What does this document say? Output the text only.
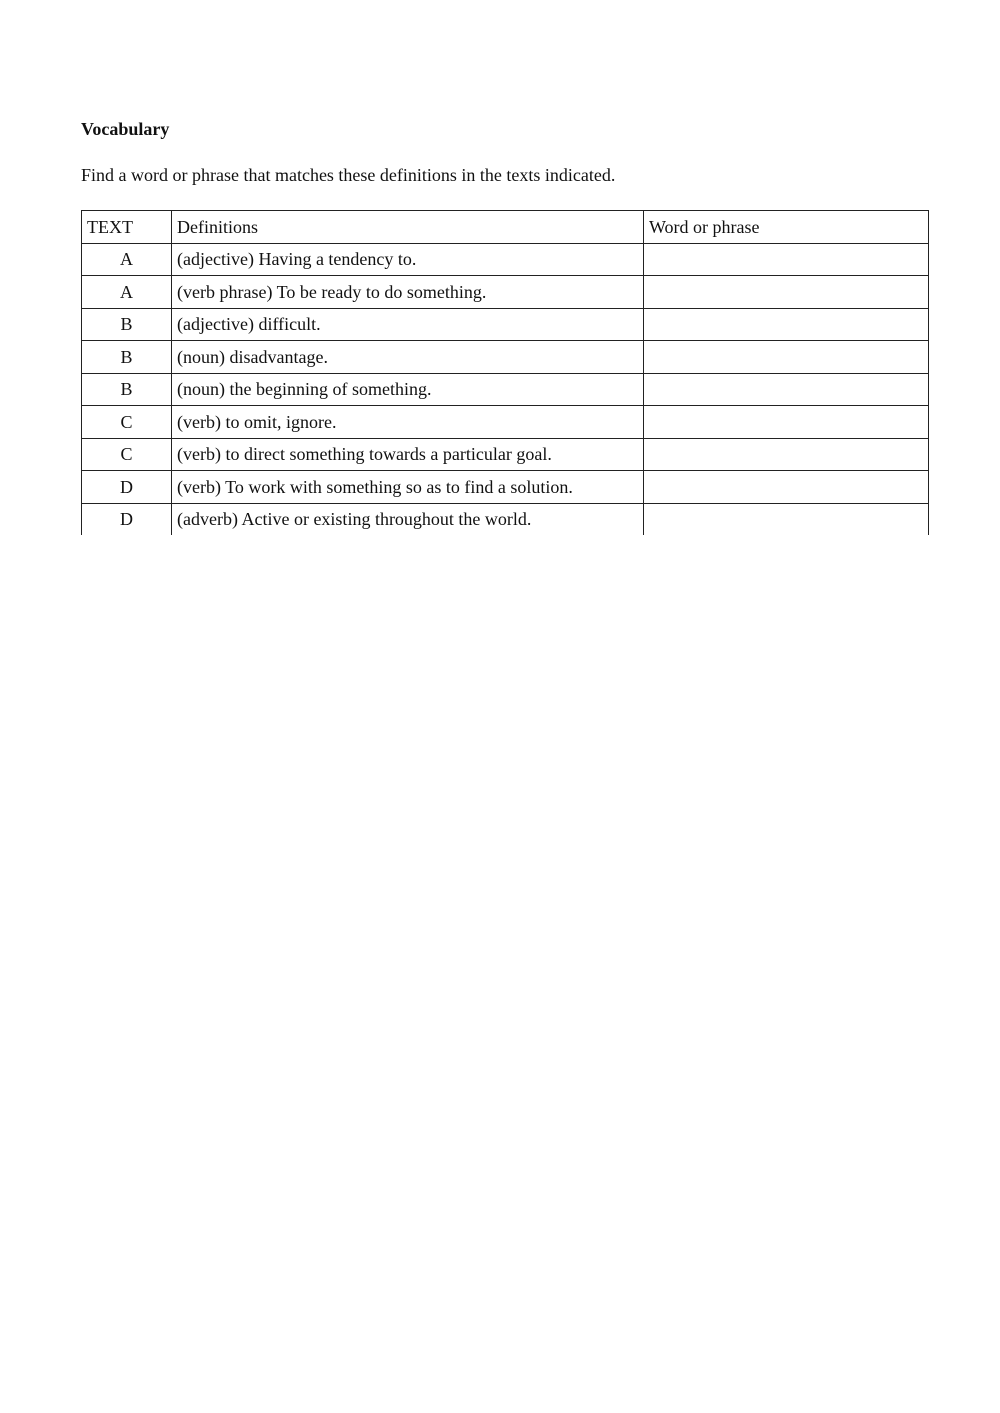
Vocabulary
Find a word or phrase that matches these definitions in the texts indicated.
TEXT	Definitions	Word or phrase
A	(adjective) Having a tendency to.	
A	(verb phrase) To be ready to do something.	
B	(adjective) difficult.	
B	(noun) disadvantage.	
B	(noun) the beginning of something.	
C	(verb) to omit, ignore.	
C	(verb) to direct something towards a particular goal.	
D	(verb) To work with something so as to find a solution.	
D	(adverb) Active or existing throughout the world.	
